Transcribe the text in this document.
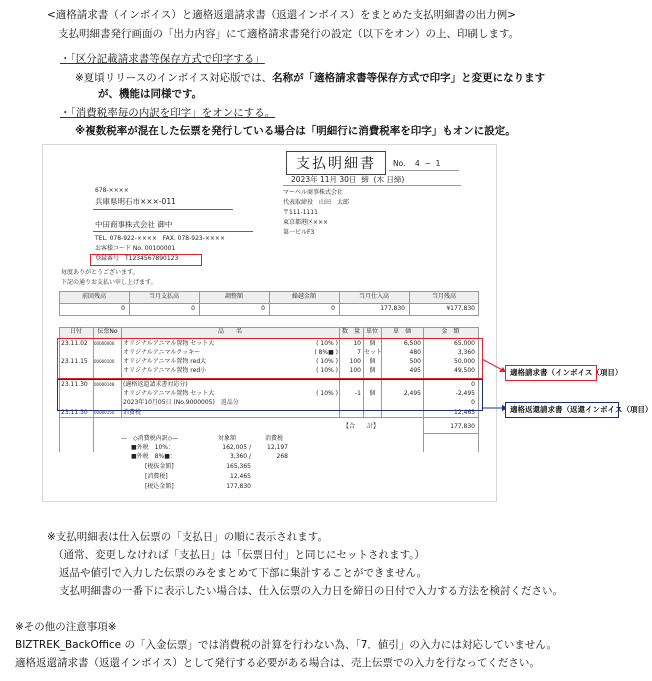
<適格請求書（インボイス）と適格返還請求書（返還インボイス）をまとめた支払明細書の出力例>
支払明細書発行画面の「出力内容」にて適格請求書発行の設定（以下をオン）の上、印刷します。
・「区分記載請求書等保存方式で印字する」
※夏頃リリースのインボイス対応版では、名称が「適格請求書等保存方式で印字」と変更になります
が、機能は同様です。
・「消費税率毎の内訳を印字」をオンにする。
※複数税率が混在した伝票を発行している場合は「明細行に消費税率を印字」もオンに設定。
支払明細書	No. 4 − 1
2023年 11月 30日 締 (木 日締)
678-××××
兵庫県明石市×××-011
中田商事株式会社 御中
TEL. 078-922-×××× FAX. 078-923-××××
お客様コード No. 00100001
登録番号　T1234567890123
毎度ありがとうございます。
下記の通りお支払い申し上げます。
マーベル商事株式会社
代表取締役　山田　太郎
〒111-1111
東京都港区×××
第一ビルF3
前回残高	当月支払高	調整額	繰越金額	当月仕入高	当月残高
0	0	0	0	177,830	¥177,830
日付	伝票No	品　　名	数　量 単位	単　価	金　額
23.11.02	00000006	オリジナルアニマル置物 セット大	( 10% )	10	個	6,500	65,000
オリジナルアニマルクッキー	( 8%■ )	7 セット	480	3,360
23.11.15	00000100	オリジナルアニマル置物 red大	( 10% )	100	個	500	50,000
オリジナルアニマル置物 red小	( 10% )	100	個	495	49,500
23.11.30	00000148	(適格返還請求書対応分)	0
オリジナルアニマル置物 セット大	( 10% )	-1	個	2,495	-2,495
2023年10月05日 (No.9000005)　返品分	0
23.11.30	00000150	消費税	12,465
【合　　計】	177,830
—　◇消費税内訳◇—	対象額	消費税
■外税　10%：	162,005 /	12,197
■外税　8%■：	3,360 /	268
[税抜金額]	165,365
[消費税]	12,465
[税込金額]	177,830
適格請求書（インボイス（項目）
適格返還請求書（返還インボイス（項目）
※支払明細表は仕入伝票の「支払日」の順に表示されます。
（通常、変更しなければ「支払日」は「伝票日付」と同じにセットされます。）
返品や値引で入力した伝票のみをまとめて下部に集計することができません。
支払明細書の一番下に表示したい場合は、仕入伝票の入力日を締日の日付で入力する方法を検討ください。
※その他の注意事項※
BIZTREK_BackOffice の「入金伝票」では消費税の計算を行わない為、「7．値引」の入力には対応していません。
適格返還請求書（返還インボイス）として発行する必要がある場合は、売上伝票での入力を行なってください。
